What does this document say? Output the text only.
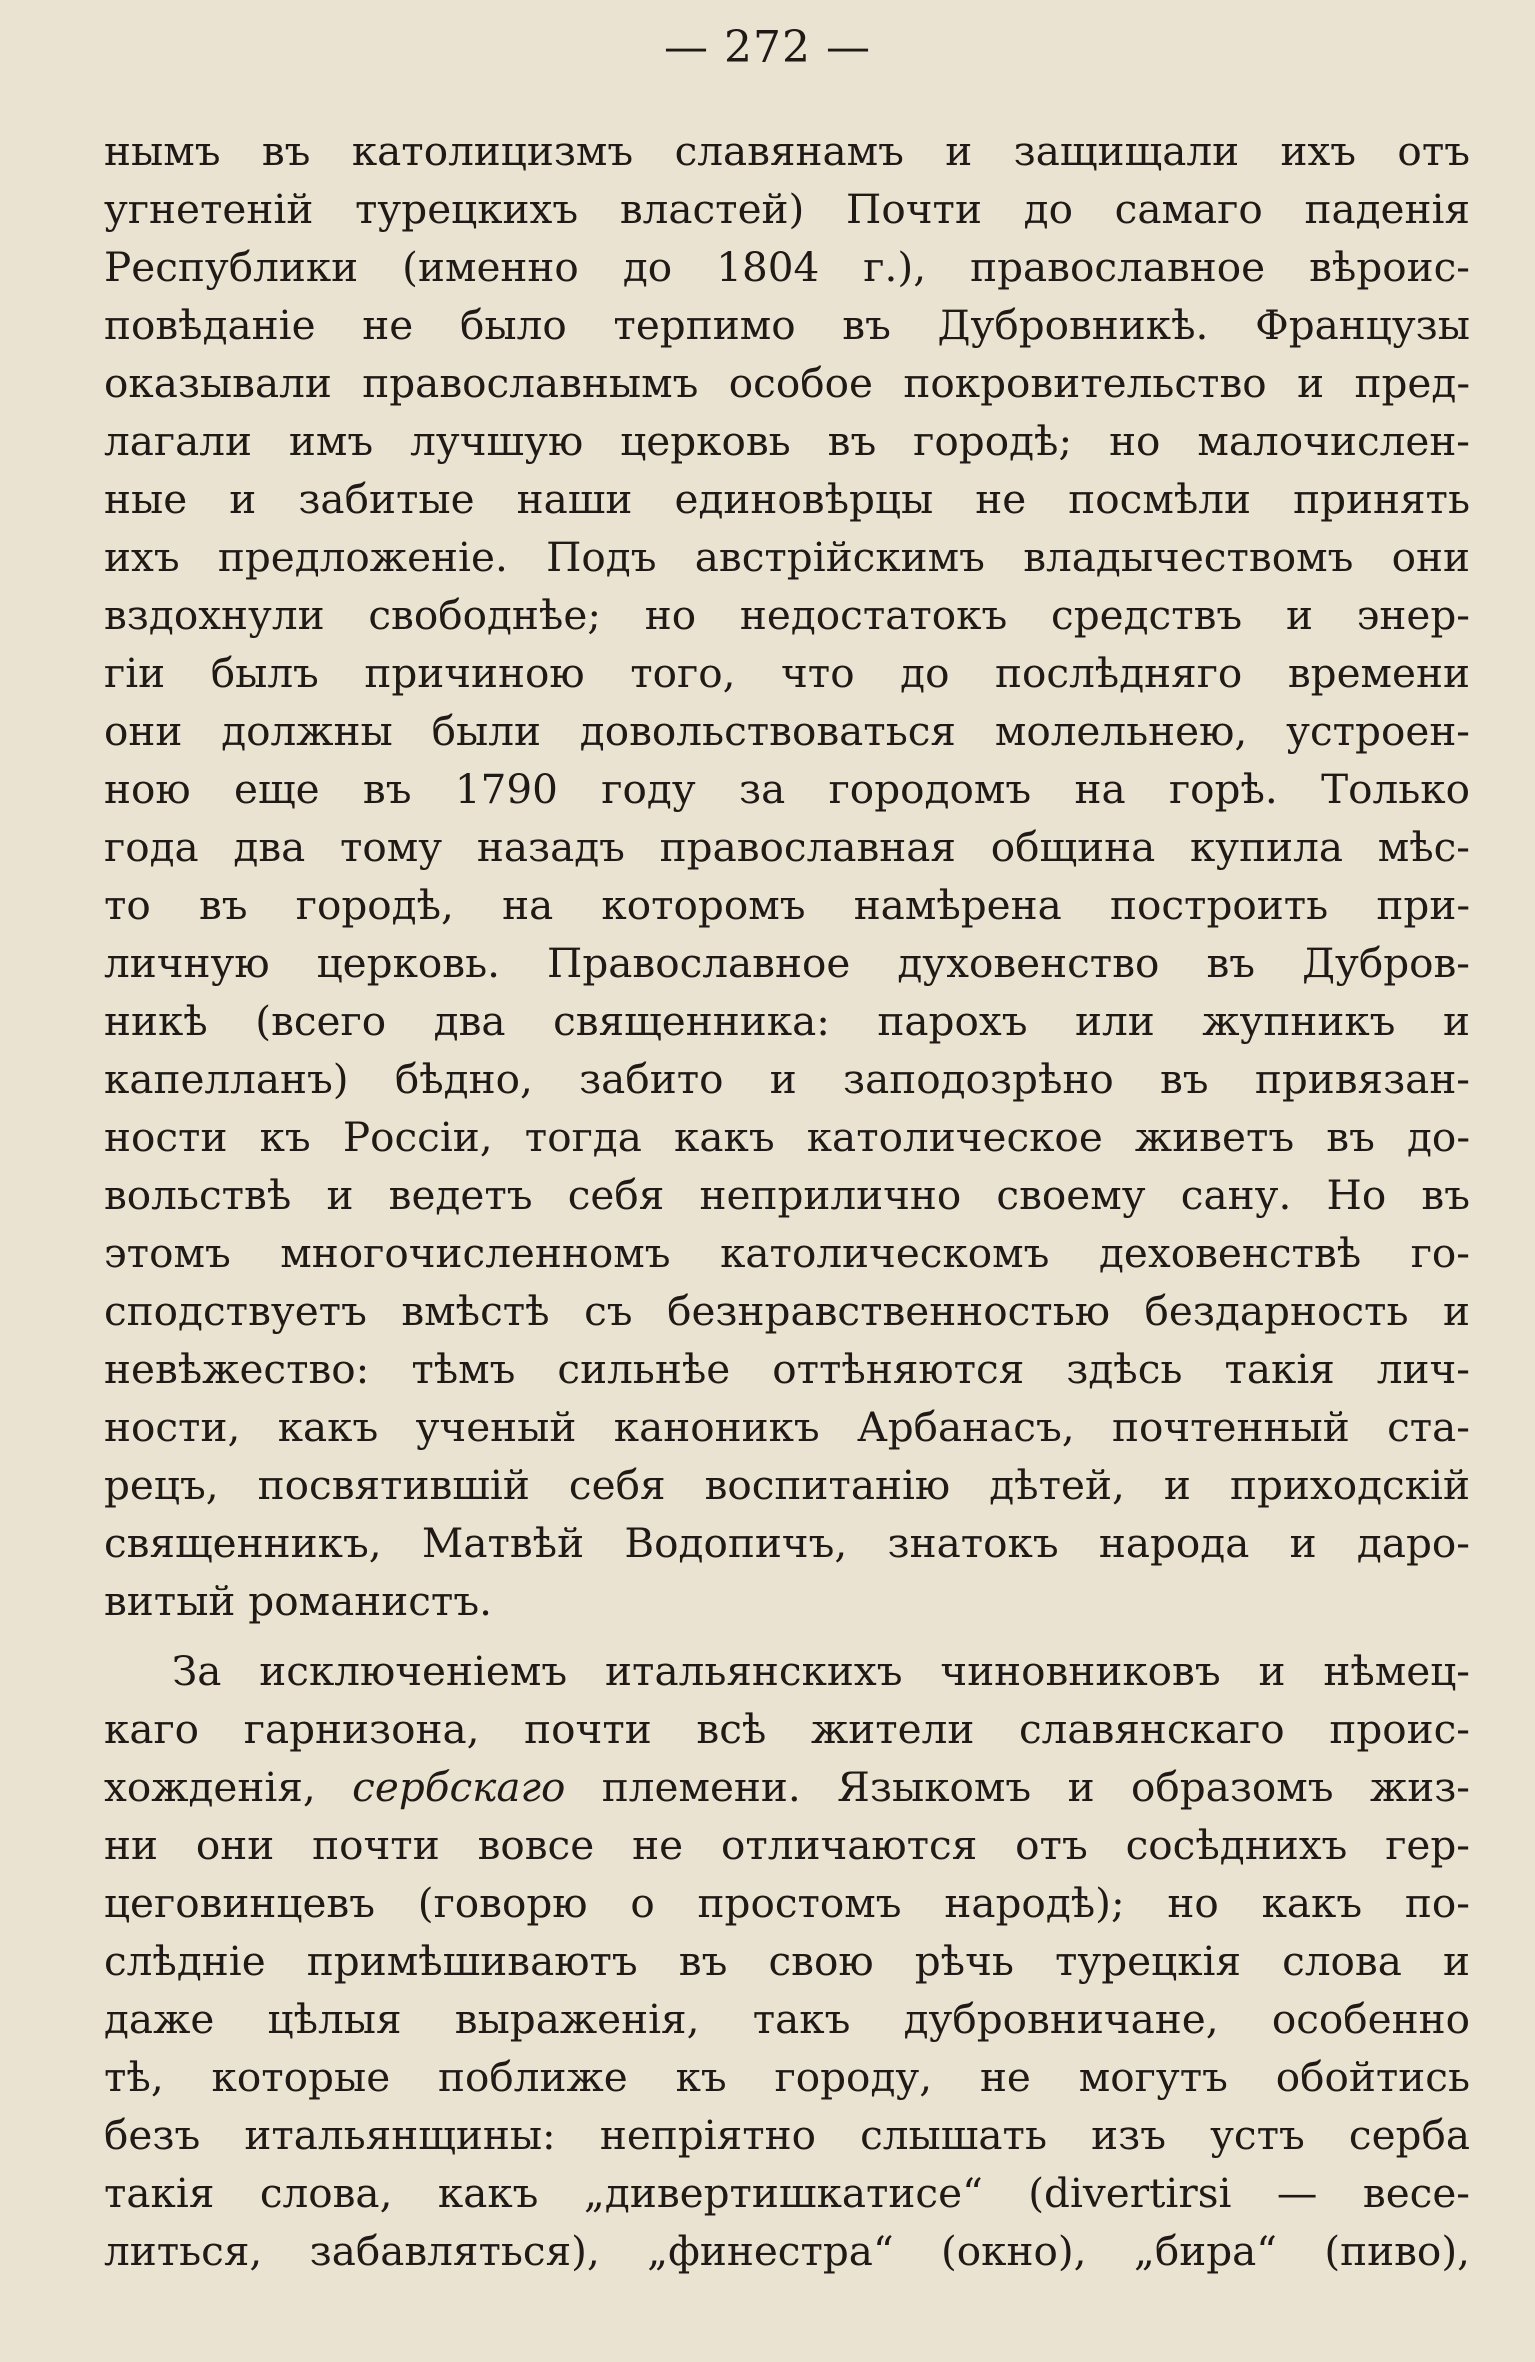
— 272 —
нымъ въ католицизмъ славянамъ и защищали ихъ отъ
угнетенiй турецкихъ властей) Почти до самаго паденiя
Республики (именно до 1804 г.), православное вѣроис-
повѣданiе не было терпимо въ Дубровникѣ. Французы
оказывали православнымъ особое покровительство и пред-
лагали имъ лучшую церковь въ городѣ; но малочислен-
ные и забитые наши единовѣрцы не посмѣли принять
ихъ предложенiе. Подъ австрiйскимъ владычествомъ они
вздохнули свободнѣе; но недостатокъ средствъ и энер-
гiи былъ причиною того, что до послѣдняго времени
они должны были довольствоваться молельнею, устроен-
ною еще въ 1790 году за городомъ на горѣ. Только
года два тому назадъ православная община купила мѣс-
то въ городѣ, на которомъ намѣрена построить при-
личную церковь. Православное духовенство въ Дубров-
никѣ (всего два священника: парохъ или жупникъ и
капелланъ) бѣдно, забито и заподозрѣно въ привязан-
ности къ Россiи, тогда какъ католическое живетъ въ до-
вольствѣ и ведетъ себя неприлично своему сану. Но въ
этомъ многочисленномъ католическомъ деховенствѣ го-
сподствуетъ вмѣстѣ съ безнравственностью бездарность и
невѣжество: тѣмъ сильнѣе оттѣняются здѣсь такiя лич-
ности, какъ ученый каноникъ Арбанасъ, почтенный ста-
рецъ, посвятившiй себя воспитанiю дѣтей, и приходскiй
священникъ, Матвѣй Водопичъ, знатокъ народа и даро-
витый романистъ.
За исключенiемъ итальянскихъ чиновниковъ и нѣмец-
каго гарнизона, почти всѣ жители славянскаго проис-
хожденiя, сербскаго племени. Языкомъ и образомъ жиз-
ни они почти вовсе не отличаются отъ сосѣднихъ гер-
цеговинцевъ (говорю о простомъ народѣ); но какъ по-
слѣднiе примѣшиваютъ въ свою рѣчь турецкiя слова и
даже цѣлыя выраженiя, такъ дубровничане, особенно
тѣ, которые поближе къ городу, не могутъ обойтись
безъ итальянщины: непрiятно слышать изъ устъ серба
такiя слова, какъ „дивертишкатисе“ (divertirsi — весе-
литься, забавляться), „финестра“ (окно), „бира“ (пиво),
